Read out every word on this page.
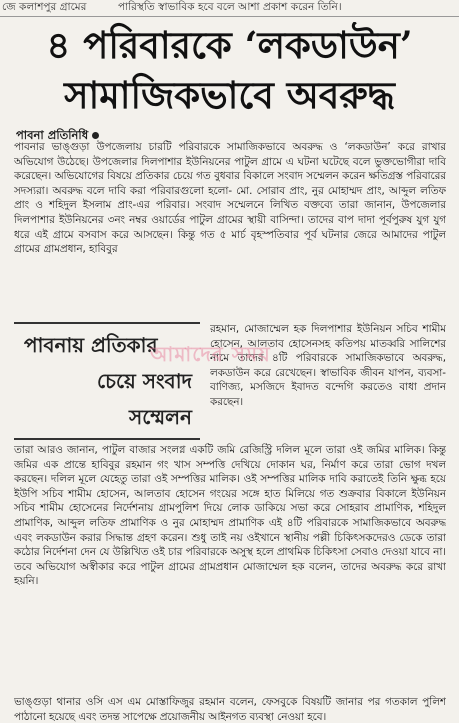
জে কলাশপুর গ্রামের	পারিস্থতি স্বাভাবিক হবে বলে আশা প্রকাশ করেন তিনি।
৪ পরিবারকে ‘লকডাউন’
সামাজিকভাবে অবরুদ্ধ
পাবনা প্রতিনিধি

পাবনার ভাঙ্গুড়া উপজেলায় চারটি পরিবারকে সামাজিকভাবে অবরুদ্ধ ও ‘লকডাউন’ করে রাখার অভিযোগ উঠেছে। উপজেলার দিলপাশার ইউনিয়নের পাটুল গ্রামে এ ঘটনা ঘটেছে বলে ভুক্তভোগীরা দাবি করেছেন। অভিযোগের বিষয়ে প্রতিকার চেয়ে গত বুধবার বিকালে সংবাদ সম্মেলন করেন ক্ষতিগ্রস্ত পরিবারের সদস্যরা। অবরুদ্ধ বলে দাবি করা পরিবারগুলো হলো- মো. সোরাব প্রাং, নুর মোহাম্মদ প্রাং, আব্দুল লতিফ প্রাং ও শহিদুল ইসলাম প্রাং-এর পরিবার। সংবাদ সম্মেলনে লিখিত বক্তব্যে তারা জানান, উপজেলার দিলপাশার ইউনিয়নের ৩নং নম্বর ওয়ার্ডের পাটুল গ্রামের স্থায়ী বাসিন্দা। তাদের বাপ দাদা পূর্বপুরুষ যুগ যুগ ধরে এই গ্রামে বসবাস করে আসছেন। কিন্তু গত ৫ মার্চ বৃহস্পতিবার পূর্ব ঘটনার জেরে আমাদের পাটুল গ্রামের গ্রামপ্রধান, হাবিবুর

পাবনায় প্রতিকার
চেয়ে সংবাদ
সম্মেলন

রহমান, মোজাম্মেল হক দিলপাশার ইউনিয়ন সচিব শামীম হোসেন, আলতাব হোসেনসহ কতিপয় মাতব্বরি সালিশের নামে তাদের ৪টি পরিবারকে সামাজিকভাবে অবরুদ্ধ, লকডাউন করে রেখেছেন। স্বাভাবিক জীবন যাপন, ব্যবসা-বাণিজ্য, মসজিদে ইবাদত বন্দেগি করতেও বাধা প্রদান করছেন।

আমাদের সময়

তারা আরও জানান, পাটুল বাজার সংলগ্ন একটি জমি রেজিস্ট্রি দলিল মূলে তারা ওই জমির মালিক। কিন্তু জমির এক প্রান্তে হাবিবুর রহমান গং খাস সম্পত্তি দেখিয়ে দোকান ঘর, নির্মাণ করে তারা ভোগ দখল করছেন। দলিল মূলে যেহেতু তারা ওই সম্পত্তির মালিক। ওই সম্পত্তির মালিক দাবি করাতেই তিনি ক্ষুব্ধ হয়ে ইউপি সচিব শামীম হোসেন, আলতাব হোসেন গংয়ের সঙ্গে হাত মিলিয়ে গত শুক্রবার বিকালে ইউনিয়ন সচিব শামীম হোসেনের নির্দেশনায় গ্রামপুলিশ দিয়ে লোক ডাকিয়ে সভা করে সোহরাব প্রামাণিক, শহিদুল প্রামাণিক, আব্দুল লতিফ প্রামাণিক ও নুর মোহাম্মদ প্রামাণিক এই ৪টি পরিবারকে সামাজিকভাবে অবরুদ্ধ এবং লকডাউন করার সিদ্ধান্ত গ্রহণ করেন। শুধু তাই নয় ওইখানে স্থানীয় পল্লী চিকিৎসকদেরও ডেকে তারা কঠোর নির্দেশনা দেন যে উল্লিখিত ওই চার পরিবারকে অসুস্থ হলে প্রাথমিক চিকিৎসা সেবাও দেওয়া যাবে না। তবে অভিযোগ অস্বীকার করে পাটুল গ্রামের গ্রামপ্রধান মোজাম্মেল হক বলেন, তাদের অবরুদ্ধ করে রাখা হয়নি।

ভাঙ্গুড়া থানার ওসি এস এম মোস্তাফিজুর রহমান বলেন, ফেসবুকে বিষয়টি জানার পর গতকাল পুলিশ পাঠানো হয়েছে এবং তদন্ত সাপেক্ষে প্রয়োজনীয় আইনগত ব্যবস্থা নেওয়া হবে।
